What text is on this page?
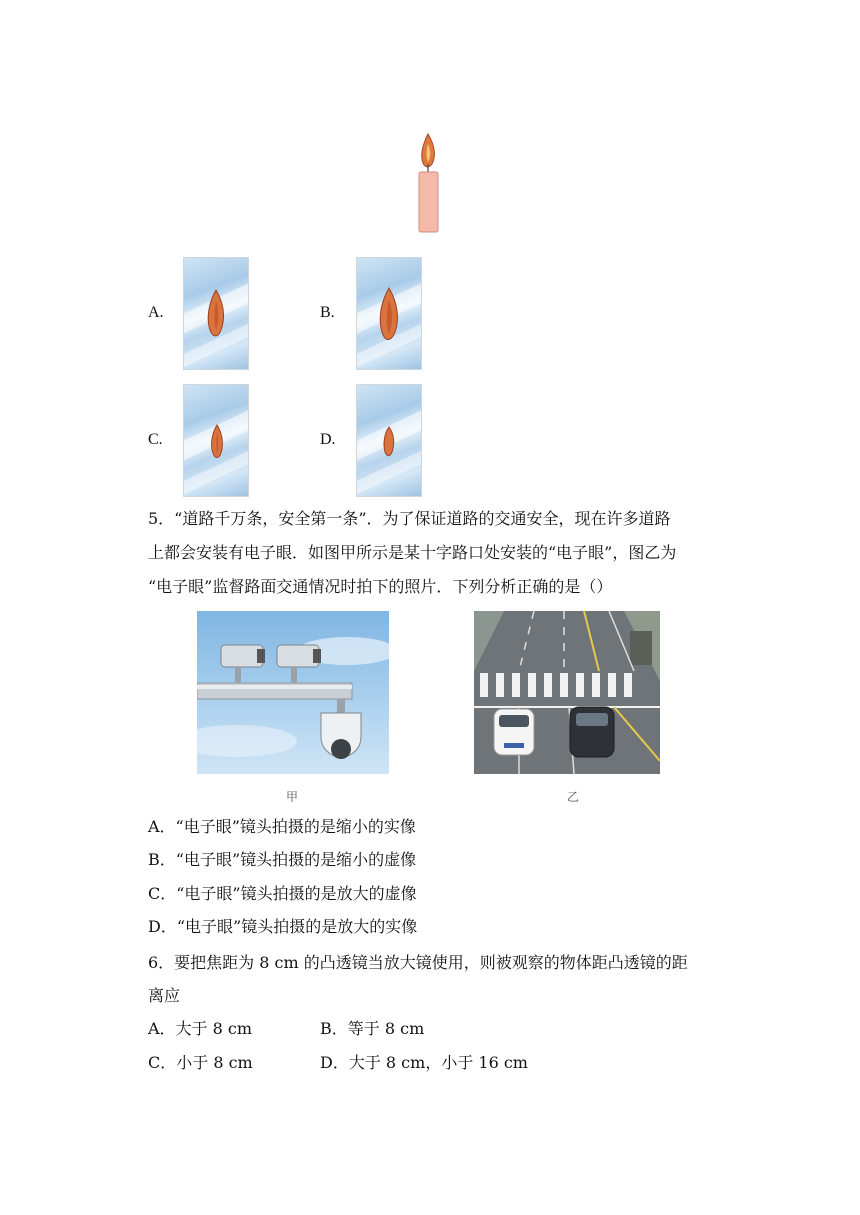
A.	B.
C.	D.
5．“道路千万条，安全第一条”．为了保证道路的交通安全，现在许多道路
上都会安装有电子眼．如图甲所示是某十字路口处安装的“电子眼”，图乙为
“电子眼”监督路面交通情况时拍下的照片．下列分析正确的是（）
甲	乙
A．“电子眼”镜头拍摄的是缩小的实像
B．“电子眼”镜头拍摄的是缩小的虚像
C．“电子眼”镜头拍摄的是放大的虚像
D．“电子眼”镜头拍摄的是放大的实像
6．要把焦距为 8 cm 的凸透镜当放大镜使用，则被观察的物体距凸透镜的距
离应
A．大于 8 cm	B．等于 8 cm
C．小于 8 cm	D．大于 8 cm，小于 16 cm
